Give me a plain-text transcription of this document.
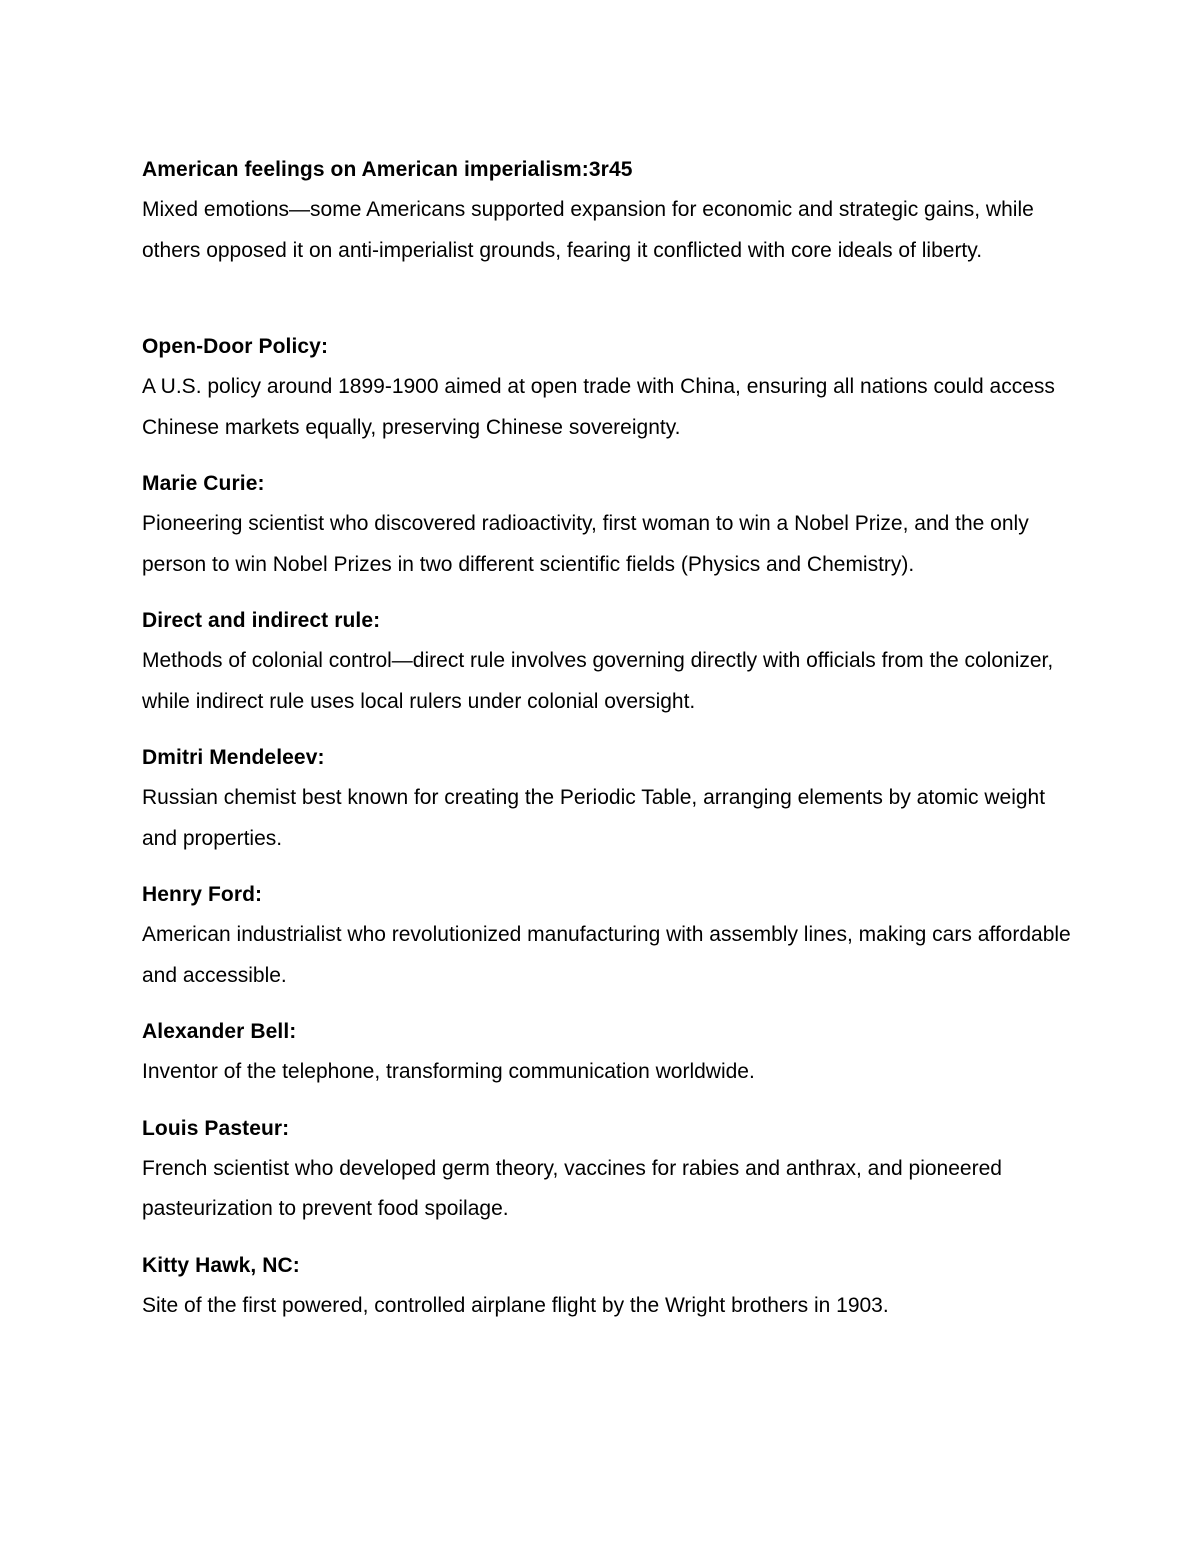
American feelings on American imperialism:3r45

Mixed emotions—some Americans supported expansion for economic and strategic gains, while others opposed it on anti-imperialist grounds, fearing it conflicted with core ideals of liberty.

Open-Door Policy:

A U.S. policy around 1899-1900 aimed at open trade with China, ensuring all nations could access Chinese markets equally, preserving Chinese sovereignty.

Marie Curie:

Pioneering scientist who discovered radioactivity, first woman to win a Nobel Prize, and the only person to win Nobel Prizes in two different scientific fields (Physics and Chemistry).

Direct and indirect rule:

Methods of colonial control—direct rule involves governing directly with officials from the colonizer, while indirect rule uses local rulers under colonial oversight.

Dmitri Mendeleev:

Russian chemist best known for creating the Periodic Table, arranging elements by atomic weight and properties.

Henry Ford:

American industrialist who revolutionized manufacturing with assembly lines, making cars affordable and accessible.

Alexander Bell:

Inventor of the telephone, transforming communication worldwide.

Louis Pasteur:

French scientist who developed germ theory, vaccines for rabies and anthrax, and pioneered pasteurization to prevent food spoilage.

Kitty Hawk, NC:

Site of the first powered, controlled airplane flight by the Wright brothers in 1903.
